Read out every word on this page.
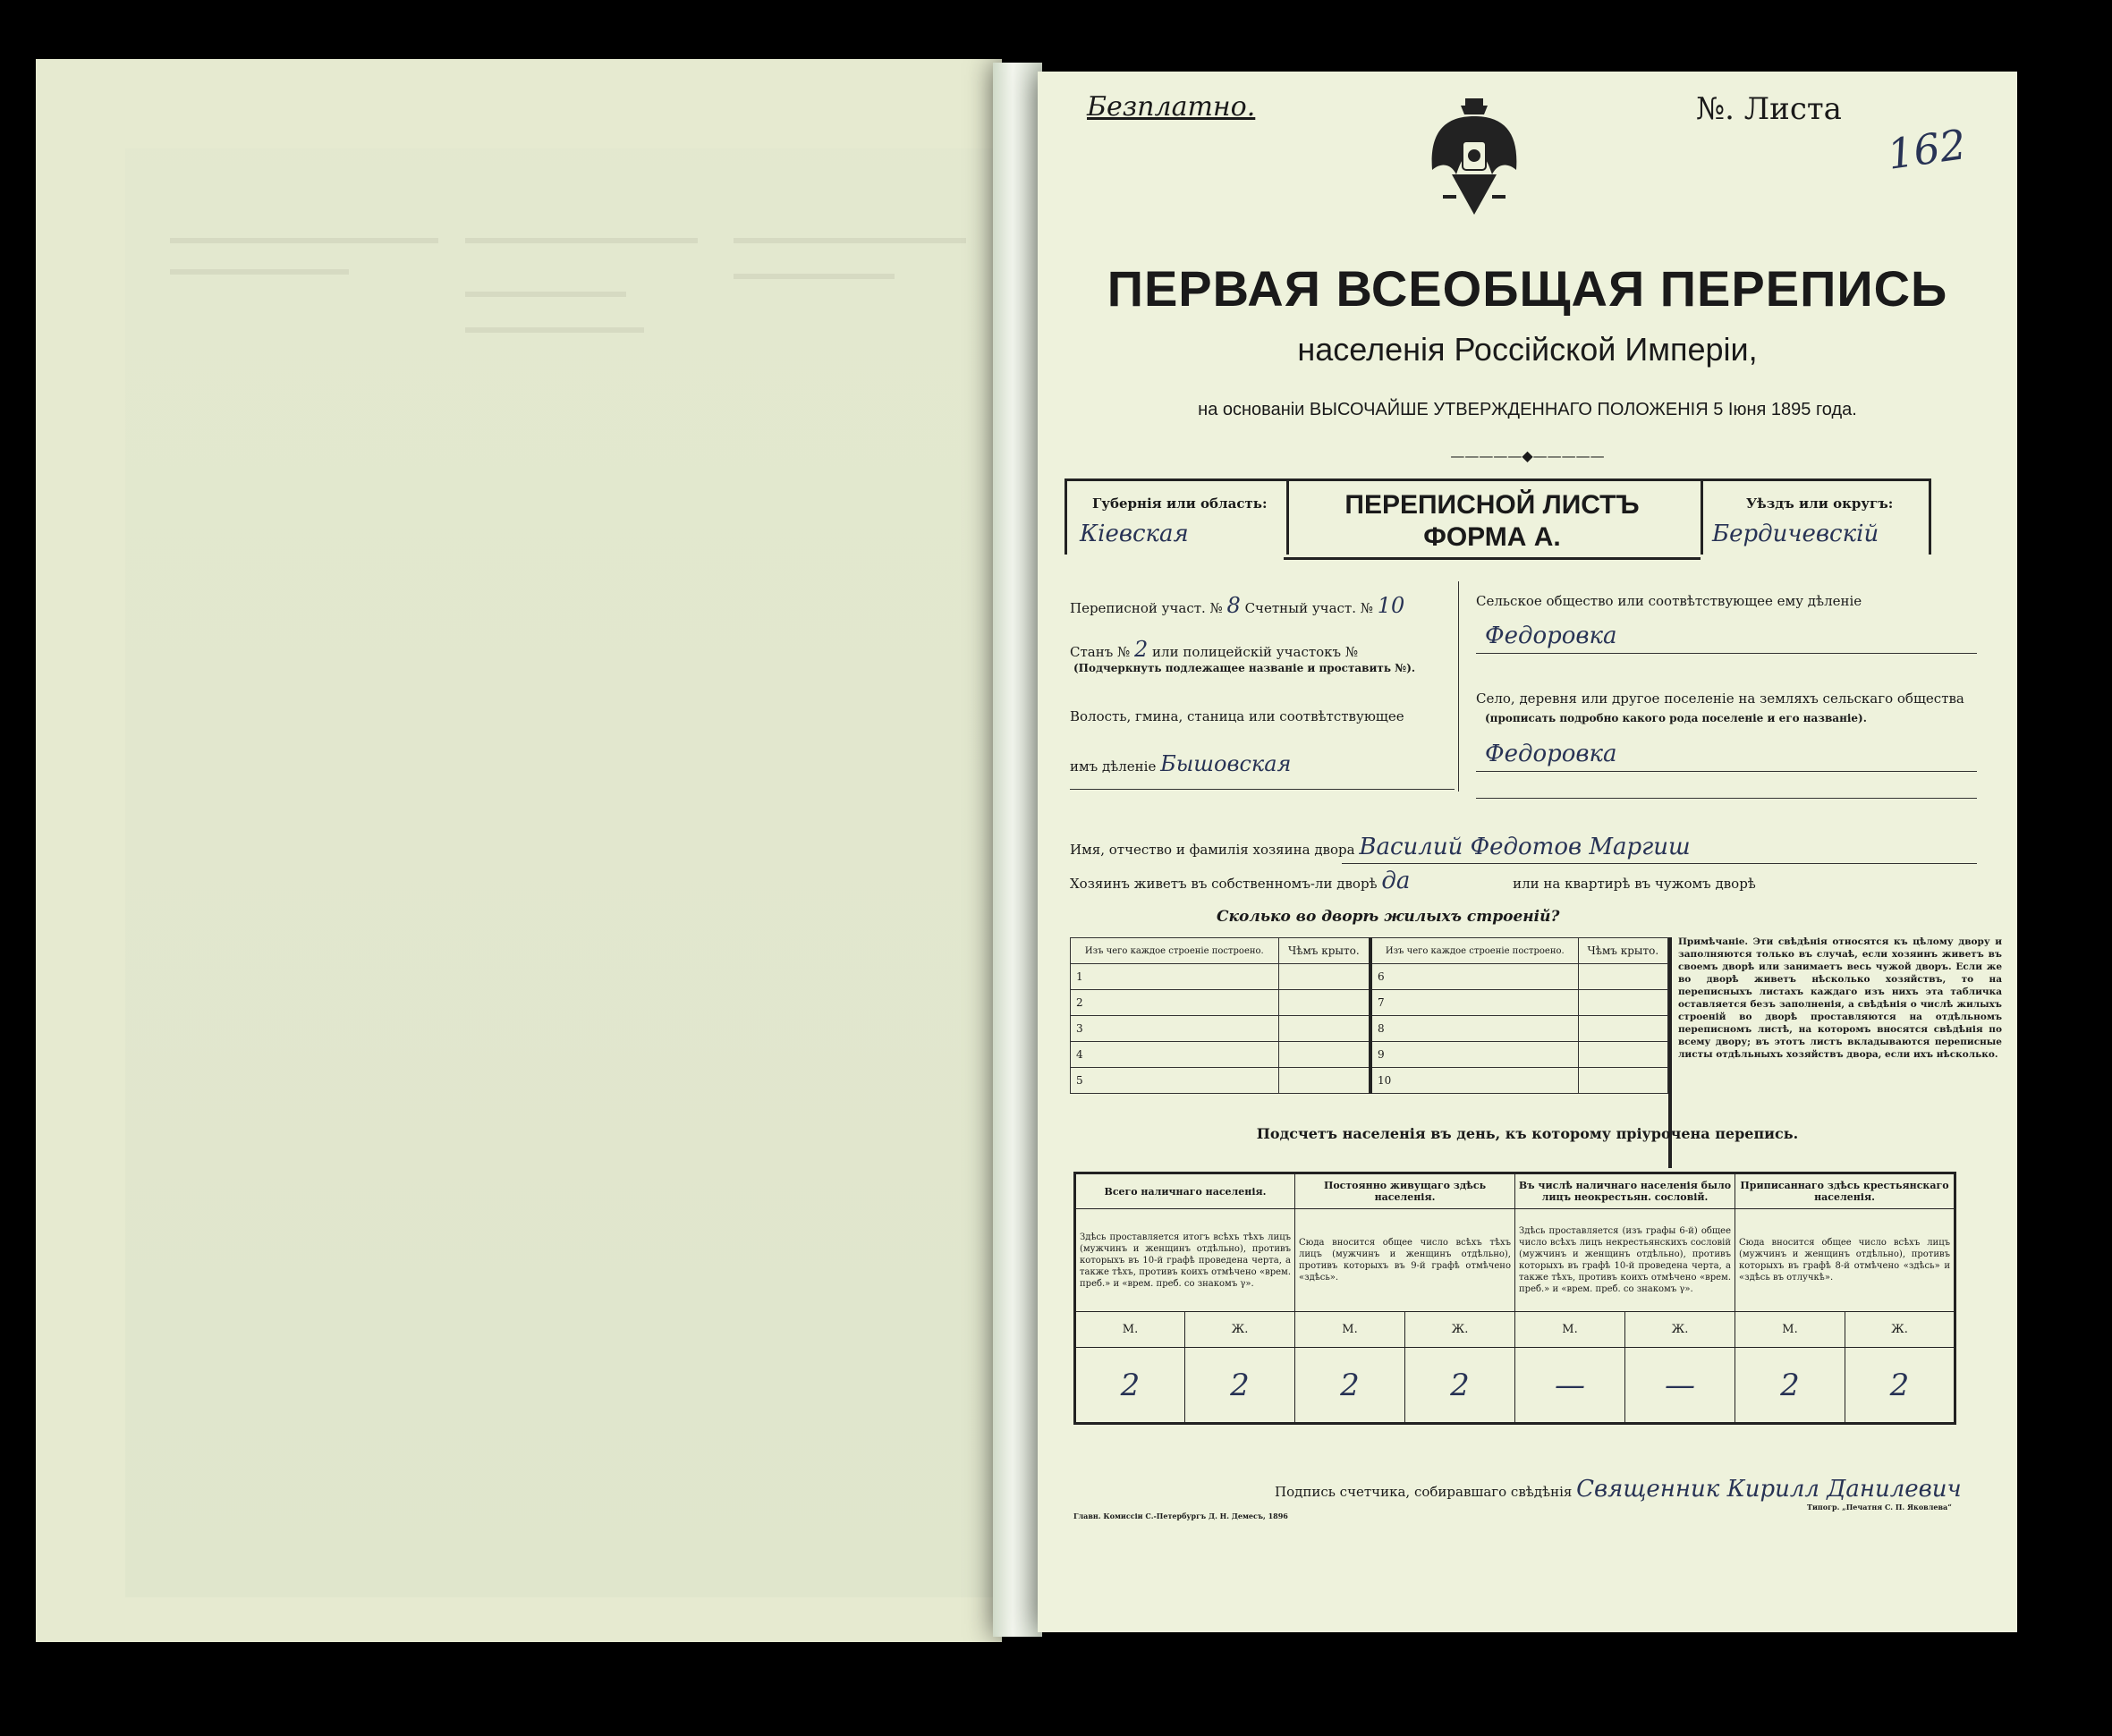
Безплатно.	№. Листа
162
ПЕРВАЯ ВСЕОБЩАЯ ПЕРЕПИСЬ
населенія Россійской Имперіи,
на основаніи ВЫСОЧАЙШЕ УТВЕРЖДЕННАГО ПОЛОЖЕНІЯ 5 Іюня 1895 года.
—————◆—————
Губернія или область:
Кіевская
ПЕРЕПИСНОЙ ЛИСТЪ
ФОРМА А.
Уѣздъ или округъ:
Бердичевскій
Переписной участ. № 8 Счетный участ. № 10
Станъ № 2 или полицейскій участокъ №
(Подчеркнуть подлежащее названіе и проставить №).
Волость, гмина, станица или соотвѣтствующее
имъ дѣленіе Бышовская
Сельское общество или соотвѣтствующее ему дѣленіе
Федоровка
Село, деревня или другое поселеніе на земляхъ сельскаго общества
(прописать подробно какого рода поселеніе и его названіе).
Федоровка
Имя, отчество и фамилія хозяина двора Василий Федотов Маргиш
Хозяинъ живетъ въ собственномъ-ли дворѣ да	или на квартирѣ въ чужомъ дворѣ
Сколько во дворѣ жилыхъ строеній?
Изъ чего каждое строеніе построено.	Чѣмъ крыто.
1	
2	
3	
4	
5	
Изъ чего каждое строеніе построено.	Чѣмъ крыто.
6	
7	
8	
9	
10	
Примѣчаніе. Эти свѣдѣнія относятся къ цѣлому двору и заполняются только въ случаѣ, если хозяинъ живетъ въ своемъ дворѣ или занимаетъ весь чужой дворъ. Если же во дворѣ живетъ нѣсколько хозяйствъ, то на переписныхъ листахъ каждаго изъ нихъ эта табличка оставляется безъ заполненія, а свѣдѣнія о числѣ жилыхъ строеній во дворѣ проставляются на отдѣльномъ переписномъ листѣ, на которомъ вносятся свѣдѣнія по всему двору; въ этотъ листъ вкладываются переписные листы отдѣльныхъ хозяйствъ двора, если ихъ нѣсколько.
Подсчетъ населенія въ день, къ которому пріурочена перепись.
Всего наличнаго населенія.		Постоянно живущаго здѣсь населенія.		Въ числѣ наличнаго населенія было лицъ неокрестьян. сословій.		Приписаннаго здѣсь крестьянскаго населенія.	
Здѣсь проставляется итогъ всѣхъ тѣхъ лицъ (мужчинъ и женщинъ отдѣльно), противъ которыхъ въ 10-й графѣ проведена черта, а также тѣхъ, противъ коихъ отмѣчено «врем. преб.» и «врем. преб. со знакомъ γ».		Сюда вносится общее число всѣхъ тѣхъ лицъ (мужчинъ и женщинъ отдѣльно), противъ которыхъ въ 9-й графѣ отмѣчено «здѣсь».		Здѣсь проставляется (изъ графы 6-й) общее число всѣхъ лицъ некрестьянскихъ сословій (мужчинъ и женщинъ отдѣльно), противъ которыхъ въ графѣ 10-й проведена черта, а также тѣхъ, противъ коихъ отмѣчено «врем. преб.» и «врем. преб. со знакомъ γ».		Сюда вносится общее число всѣхъ лицъ (мужчинъ и женщинъ отдѣльно), противъ которыхъ въ графѣ 8-й отмѣчено «здѣсь» и «здѣсь въ отлучкѣ».	
М.	Ж.	М.	Ж.	М.	Ж.	М.	Ж.
2	2	2	2	—	—	2	2
Подпись счетчика, собиравшаго свѣдѣнія Священник Кирилл Данилевич
Главн. Комиссіи С.-Петербургъ Д. Н. Демесъ, 1896
Типогр. „Печатня С. П. Яковлева“
